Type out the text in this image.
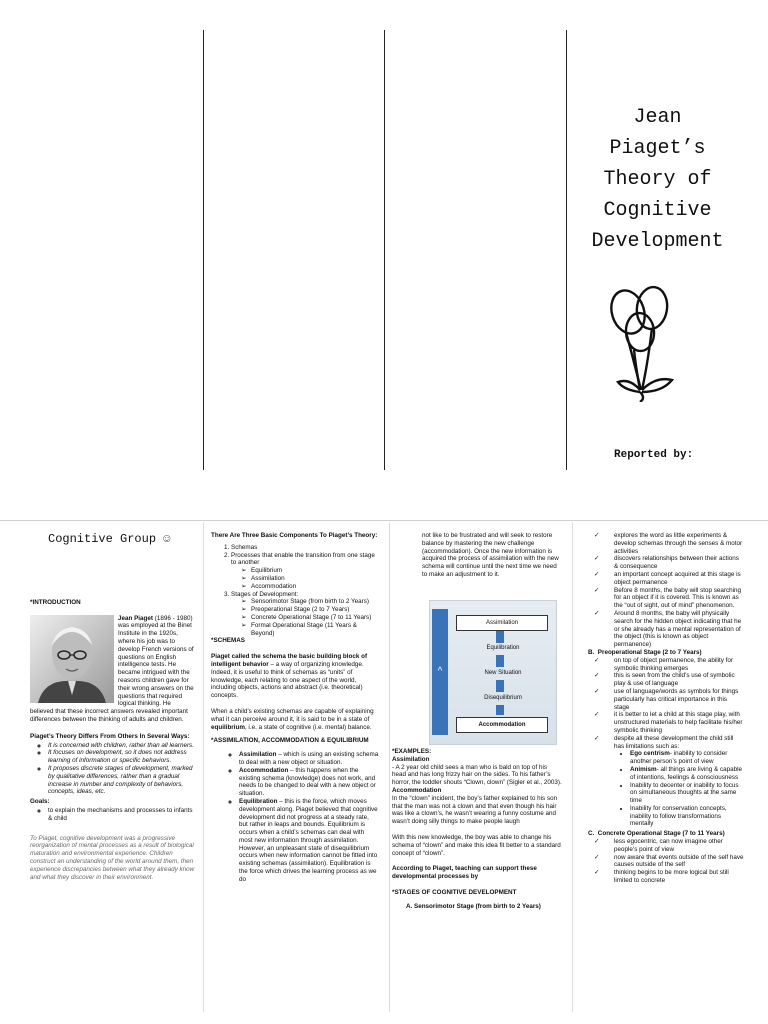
Jean
Piaget’s
Theory of
Cognitive
Development
Reported by:
Cognitive Group ☺

*INTRODUCTION

Jean Piaget (1896 - 1980) was employed at the Binet Institute in the 1920s, where his job was to develop French versions of questions on English intelligence tests. He became intrigued with the reasons children gave for their wrong answers on the questions that required logical thinking. He believed that these incorrect answers revealed important differences between the thinking of adults and children.

Piaget’s Theory Differs From Others In Several Ways:

◦ It is concerned with children, rather than all learners.
◦ It focuses on development, so it does not address learning of information or specific behaviors.
◦ It proposes discrete stages of development, marked by qualitative differences, rather than a gradual increase in number and complexity of behaviors, concepts, ideas, etc.

Goals:

◦ to explain the mechanisms and processes to infants & child

To Piaget, cognitive development was a progressive reorganization of mental processes as a result of biological maturation and environmental experience. Children construct an understanding of the world around them, then experience discrepancies between what they already know and what they discover in their environment.

There Are Three Basic Components To Piaget’s Theory:

1. Schemas
2. Processes that enable the transition from one stage to another
➢ Equilibrium
➢ Assimilation
➢ Accommodation
3. Stages of Development:
➢ Sensorimotor Stage (from birth to 2 Years)
➢ Preoperational Stage (2 to 7 Years)
➢ Concrete Operational Stage (7 to 11 Years)
➢ Formal Operational Stage (11 Years & Beyond)

*SCHEMAS

Piaget called the schema the basic building block of intelligent behavior – a way of organizing knowledge. Indeed, it is useful to think of schemas as “units” of knowledge, each relating to one aspect of the world, including objects, actions and abstract (i.e. theoretical) concepts.

When a child’s existing schemas are capable of explaining what it can perceive around it, it is said to be in a state of equilibrium, i.e. a state of cognitive (i.e. mental) balance.

*ASSIMILATION, ACCOMMODATION & EQUILIBRIUM

◦ Assimilation – which is using an existing schema to deal with a new object or situation.
◦ Accommodation – this happens when the existing schema (knowledge) does not work, and needs to be changed to deal with a new object or situation.
◦ Equilibration – this is the force, which moves development along. Piaget believed that cognitive development did not progress at a steady rate, but rather in leaps and bounds. Equilibrium is occurs when a child’s schemas can deal with most new information through assimilation. However, an unpleasant state of disequilibrium occurs when new information cannot be fitted into existing schemas (assimilation). Equilibration is the force which drives the learning process as we do

not like to be frustrated and will seek to restore balance by mastering the new challenge (accommodation). Once the new information is acquired the process of assimilation with the new schema will continue until the next time we need to make an adjustment to it.

^
Assimilation
Equilibration
New Situation
Disequilibrium
Accommodation

*EXAMPLES:

Assimilation

- A 2 year old child sees a man who is bald on top of his head and has long frizzy hair on the sides. To his father’s horror, the toddler shouts “Clown, clown” (Sigler et al., 2003).

Accommodation

In the “clown” incident, the boy’s father explained to his son that the man was not a clown and that even though his hair was like a clown’s, he wasn’t wearing a funny costume and wasn’t doing silly things to make people laugh

With this new knowledge, the boy was able to change his schema of “clown” and make this idea fit better to a standard concept of “clown”.

According to Piaget, teaching can support these developmental processes by

*STAGES OF COGNITIVE DEVELOPMENT

A. Sensorimotor Stage (from birth to 2 Years)
✓ explores the word as little experiments & develop schemas through the senses & motor activities
✓ discovers relationships between their actions & consequence
✓ an important concept acquired at this stage is object permanence
✓ Before 8 months, the baby will stop searching for an object if it is covered. This is known as the “out of sight, out of mind” phenomenon.
✓ Around 8 months, the baby will physically search for the hidden object indicating that he or she already has a mental representation of the object (this is known as object permanence)
B.  Preoperational Stage (2 to 7 Years)
✓ on top of object permanence, the ability for symbolic thinking emerges
✓ this is seen from the child’s use of symbolic play & use of language
✓ use of language/words as symbols for things particularly has critical importance in this stage
✓ it is better to let a child at this stage play, with unstructured materials to help facilitate his/her symbolic thinking
✓ despite all these development the child still has limitations such as:
• Ego centrism- inability to consider another person’s point of view
• Animism- all things are living & capable of intentions, feelings & consciousness
• Inability to decenter or inability to focus on simultaneous thoughts at the same time
• Inability for conservation concepts, inability to follow transformations mentally
C.  Concrete Operational Stage (7 to 11 Years)
✓ less egocentric, can now imagine other people’s point of view
✓ now aware that events outside of the self have causes outside of the self
✓ thinking begins to be more logical but still limited to concrete
